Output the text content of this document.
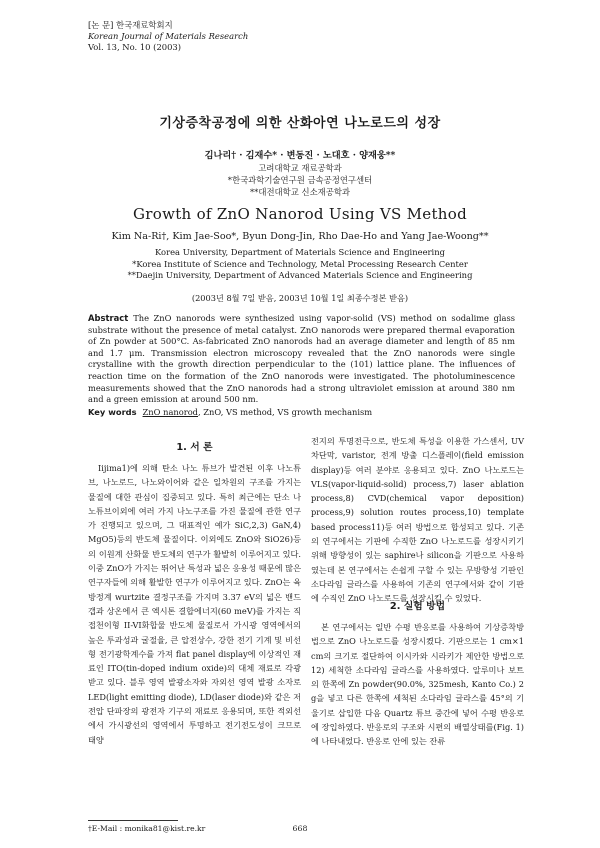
[논 문] 한국재료학회지
Korean Journal of Materials Research
Vol. 13, No. 10 (2003)
기상증착공정에 의한 산화아연 나노로드의 성장
김나리† · 김재수* · 변동진 · 노대호 · 양재웅**
고려대학교 재료공학과
*한국과학기술연구원 금속공정연구센터
**대전대학교 신소재공학과
Growth of ZnO Nanorod Using VS Method
Kim Na-Ri†, Kim Jae-Soo*, Byun Dong-Jin, Rho Dae-Ho and Yang Jae-Woong**
Korea University, Department of Materials Science and Engineering
*Korea Institute of Science and Technology, Metal Processing Research Center
**Daejin University, Department of Advanced Materials Science and Engineering
(2003년 8월 7일 받음, 2003년 10월 1일 최종수정본 받음)
Abstract The ZnO nanorods were synthesized using vapor-solid (VS) method on sodalime glass substrate without the presence of metal catalyst. ZnO nanorods were prepared thermal evaporation of Zn powder at 500°C. As-fabricated ZnO nanorods had an average diameter and length of 85 nm and 1.7 μm. Transmission electron microscopy revealed that the ZnO nanorods were single crystalline with the growth direction perpendicular to the (101) lattice plane. The influences of reaction time on the formation of the ZnO nanorods were investigated. The photoluminescence measurements showed that the ZnO nanorods had a strong ultraviolet emission at around 380 nm and a green emission at around 500 nm.
Key words ZnO nanorod, ZnO, VS method, VS growth mechanism
1. 서 론

Iijima1)에 의해 탄소 나노 튜브가 발견된 이후 나노튜브, 나노로드, 나노와이어와 같은 일차원의 구조를 가지는 물질에 대한 관심이 집중되고 있다. 특히 최근에는 단소 나노튜브이외에 여러 가지 나노구조를 가진 물질에 관한 연구가 진행되고 있으며, 그 대표적인 예가 SiC,2,3) GaN,4) MgO5)등의 반도체 물질이다. 이외에도 ZnO와 SiO26)등의 이원계 산화물 반도체의 연구가 활발히 이루어지고 있다. 이중 ZnO가 가지는 뛰어난 특성과 넓은 응용성 때문에 많은 연구자들에 의해 활발한 연구가 이루어지고 있다. ZnO는 육방정계 wurtzite 결정구조를 가지며 3.37 eV의 넓은 밴드갭과 상온에서 큰 엑시톤 결합에너지(60 meV)를 가지는 직접천이형 II-VI화합물 반도체 물질로서 가시광 영역에서의 높은 투과성과 굴절율, 큰 압전상수, 강한 전기 기계 및 비선형 전기광학계수를 가져 flat panel display에 이상적인 재료인 ITO(tin-doped indium oxide)의 대체 재료로 각광받고 있다. 블루 영역 발광소자와 자외선 영역 발광 소자로 LED(light emitting diode), LD(laser diode)와 같은 저전압 단파장의 광전자 기구의 재료로 응용되며, 또한 적외선에서 가시광선의 영역에서 투명하고 전기전도성이 크므로 태양

전지의 투명전극으로, 반도체 특성을 이용한 가스센서, UV차단막, varistor, 전계 방출 디스플레이(field emission display)등 여러 분야로 응용되고 있다. ZnO 나노로드는 VLS(vapor-liquid-solid) process,7) laser ablation process,8) CVD(chemical vapor deposition) process,9) solution routes process,10) template based process11)등 여러 방법으로 합성되고 있다. 기존의 연구에서는 기판에 수직한 ZnO 나노로드를 성장시키기 위해 방향성이 있는 saphire나 silicon을 기판으로 사용하였는데 본 연구에서는 손쉽게 구할 수 있는 무방향성 기판인 소다라임 글라스를 사용하여 기존의 연구에서와 같이 기판에 수직인 ZnO 나노로드를 성장시킬 수 있었다.

2. 실험 방법

본 연구에서는 일반 수평 반응로를 사용하여 기상증착방법으로 ZnO 나노로드를 성장시켰다. 기판으로는 1 cm×1 cm의 크기로 절단하여 이시카와 시라키가 제안한 방법으로12) 세척한 소다라임 글라스를 사용하였다. 알루미나 보트의 한쪽에 Zn powder(90.0%, 325mesh, Kanto Co.) 2 g을 넣고 다른 한쪽에 세척된 소다라임 글라스를 45°의 기울기로 삽입한 다음 Quartz 튜브 중간에 넣어 수평 반응로에 장입하였다. 반응로의 구조와 시편의 배열상태를(Fig. 1)에 나타내었다. 반응로 안에 있는 잔류

†E-Mail : monika81@kist.re.kr	668
